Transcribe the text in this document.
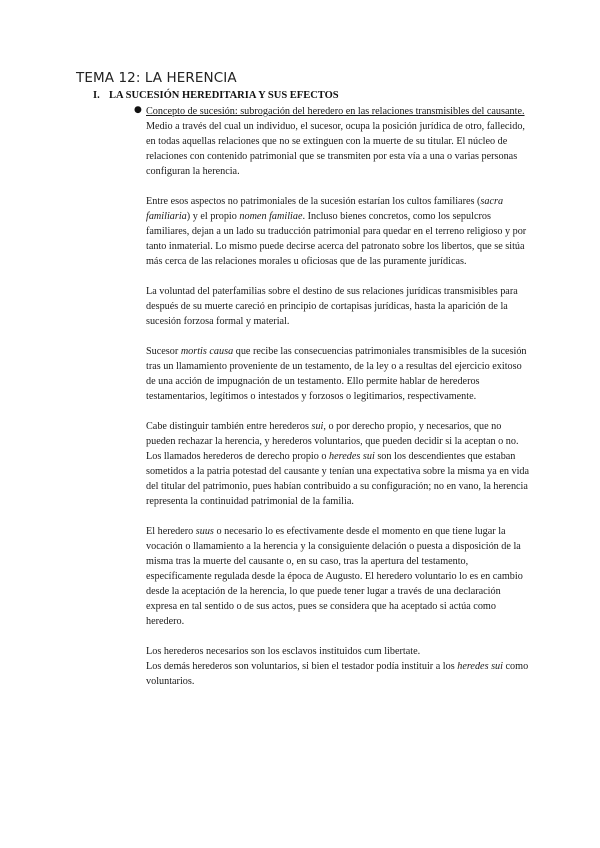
TEMA 12: LA HERENCIA
I. LA SUCESIÓN HEREDITARIA Y SUS EFECTOS
● Concepto de sucesión: subrogación del heredero en las relaciones transmisibles del causante.

Medio a través del cual un individuo, el sucesor, ocupa la posición jurídica de otro, fallecido, en todas aquellas relaciones que no se extinguen con la muerte de su titular. El núcleo de relaciones con contenido patrimonial que se transmiten por esta vía a una o varias personas configuran la herencia.

Entre esos aspectos no patrimoniales de la sucesión estarían los cultos familiares (sacra familiaria) y el propio nomen familiae. Incluso bienes concretos, como los sepulcros familiares, dejan a un lado su traducción patrimonial para quedar en el terreno religioso y por tanto inmaterial. Lo mismo puede decirse acerca del patronato sobre los libertos, que se sitúa más cerca de las relaciones morales u oficiosas que de las puramente jurídicas.

La voluntad del paterfamilias sobre el destino de sus relaciones jurídicas transmisibles para después de su muerte careció en principio de cortapisas jurídicas, hasta la aparición de la sucesión forzosa formal y material.

Sucesor mortis causa que recibe las consecuencias patrimoniales transmisibles de la sucesión tras un llamamiento proveniente de un testamento, de la ley o a resultas del ejercicio exitoso de una acción de impugnación de un testamento. Ello permite hablar de herederos testamentarios, legítimos o intestados y forzosos o legitimarios, respectivamente.

Cabe distinguir también entre herederos sui, o por derecho propio, y necesarios, que no pueden rechazar la herencia, y herederos voluntarios, que pueden decidir si la aceptan o no. Los llamados herederos de derecho propio o heredes sui son los descendientes que estaban sometidos a la patria potestad del causante y tenían una expectativa sobre la misma ya en vida del titular del patrimonio, pues habían contribuido a su configuración; no en vano, la herencia representa la continuidad patrimonial de la familia.

El heredero suus o necesario lo es efectivamente desde el momento en que tiene lugar la vocación o llamamiento a la herencia y la consiguiente delación o puesta a disposición de la misma tras la muerte del causante o, en su caso, tras la apertura del testamento, específicamente regulada desde la época de Augusto. El heredero voluntario lo es en cambio desde la aceptación de la herencia, lo que puede tener lugar a través de una declaración expresa en tal sentido o de sus actos, pues se considera que ha aceptado si actúa como heredero.

Los herederos necesarios son los esclavos instituidos cum libertate.

Los demás herederos son voluntarios, si bien el testador podía instituir a los heredes sui como voluntarios.
